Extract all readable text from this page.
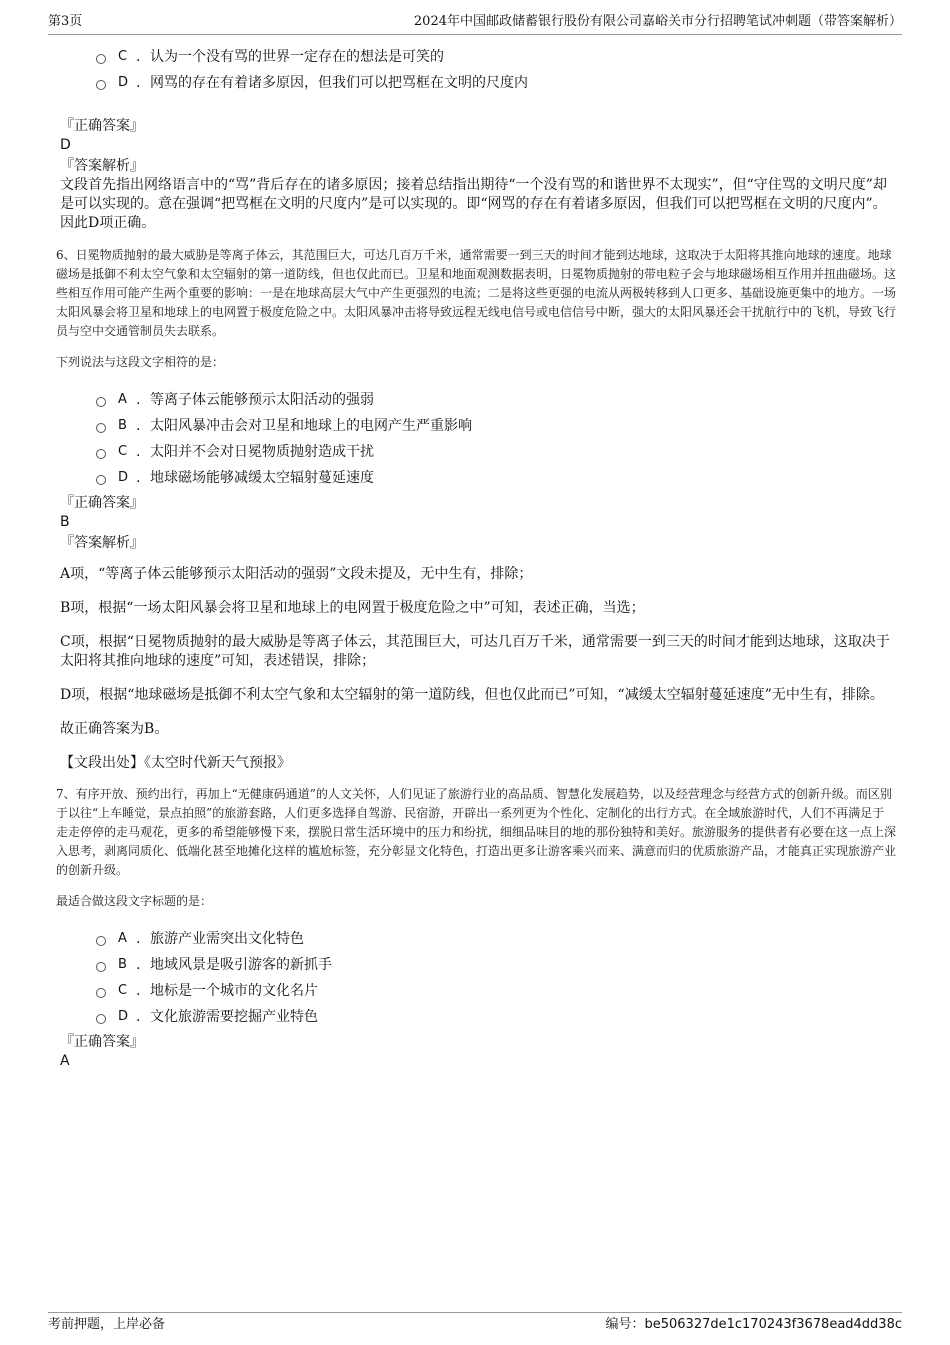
第3页	2024年中国邮政储蓄银行股份有限公司嘉峪关市分行招聘笔试冲刺题（带答案解析）
C . 认为一个没有骂的世界一定存在的想法是可笑的
D . 网骂的存在有着诸多原因，但我们可以把骂框在文明的尺度内
『正确答案』
D
『答案解析』
文段首先指出网络语言中的“骂”背后存在的诸多原因；接着总结指出期待“一个没有骂的和谐世界不太现实”，但“守住骂的文明尺度”却是可以实现的。意在强调“把骂框在文明的尺度内”是可以实现的。即“网骂的存在有着诸多原因，但我们可以把骂框在文明的尺度内”。因此D项正确。
6、日冕物质抛射的最大威胁是等离子体云，其范围巨大，可达几百万千米，通常需要一到三天的时间才能到达地球，这取决于太阳将其推向地球的速度。地球磁场是抵御不利太空气象和太空辐射的第一道防线，但也仅此而已。卫星和地面观测数据表明，日冕物质抛射的带电粒子会与地球磁场相互作用并扭曲磁场。这些相互作用可能产生两个重要的影响：一是在地球高层大气中产生更强烈的电流；二是将这些更强的电流从两极转移到人口更多、基础设施更集中的地方。一场太阳风暴会将卫星和地球上的电网置于极度危险之中。太阳风暴冲击将导致远程无线电信号或电信信号中断，强大的太阳风暴还会干扰航行中的飞机，导致飞行员与空中交通管制员失去联系。
下列说法与这段文字相符的是：
A . 等离子体云能够预示太阳活动的强弱
B . 太阳风暴冲击会对卫星和地球上的电网产生严重影响
C . 太阳并不会对日冕物质抛射造成干扰
D . 地球磁场能够减缓太空辐射蔓延速度
『正确答案』
B
『答案解析』
A项，“等离子体云能够预示太阳活动的强弱”文段未提及，无中生有，排除；
B项，根据“一场太阳风暴会将卫星和地球上的电网置于极度危险之中”可知，表述正确，当选；
C项，根据“日冕物质抛射的最大威胁是等离子体云，其范围巨大，可达几百万千米，通常需要一到三天的时间才能到达地球，这取决于太阳将其推向地球的速度”可知，表述错误，排除；
D项，根据“地球磁场是抵御不利太空气象和太空辐射的第一道防线，但也仅此而已”可知，“减缓太空辐射蔓延速度”无中生有，排除。
故正确答案为B。
【文段出处】《太空时代新天气预报》
7、有序开放、预约出行，再加上“无健康码通道”的人文关怀，人们见证了旅游行业的高品质、智慧化发展趋势，以及经营理念与经营方式的创新升级。而区别于以往“上车睡觉，景点拍照”的旅游套路，人们更多选择自驾游、民宿游，开辟出一系列更为个性化、定制化的出行方式。在全域旅游时代，人们不再满足于走走停停的走马观花，更多的希望能够慢下来，摆脱日常生活环境中的压力和纷扰，细细品味目的地的那份独特和美好。旅游服务的提供者有必要在这一点上深入思考，剥离同质化、低端化甚至地摊化这样的尴尬标签，充分彰显文化特色，打造出更多让游客乘兴而来、满意而归的优质旅游产品，才能真正实现旅游产业的创新升级。
最适合做这段文字标题的是：
A . 旅游产业需突出文化特色
B . 地域风景是吸引游客的新抓手
C . 地标是一个城市的文化名片
D . 文化旅游需要挖掘产业特色
『正确答案』
A
考前押题，上岸必备	编号：be506327de1c170243f3678ead4dd38c
